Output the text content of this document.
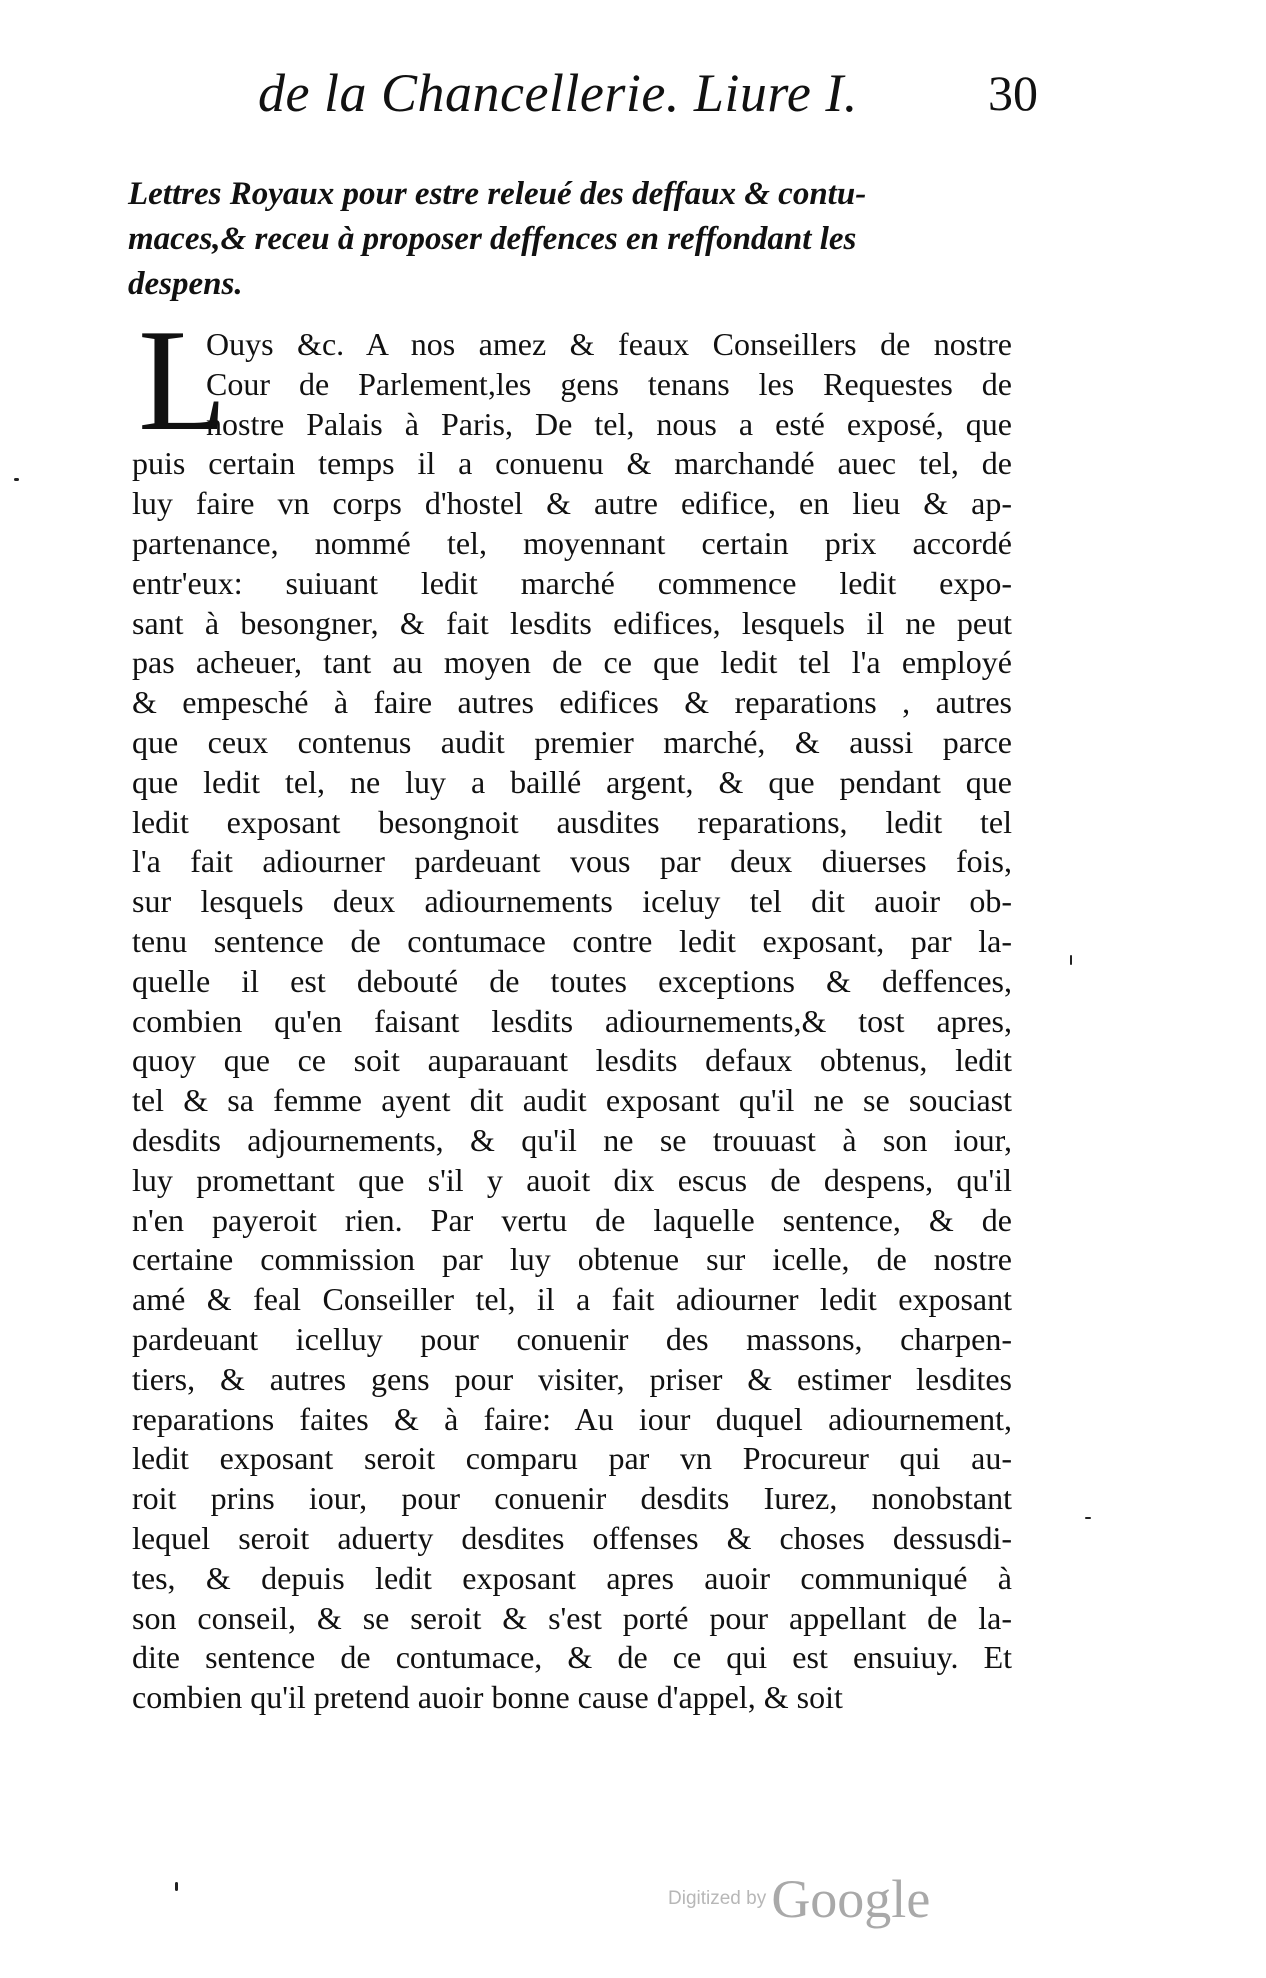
de la Chancellerie. Liure I.	30
Lettres Royaux pour estre releué des deffaux & contu-
maces,& receu à proposer deffences en reffondant les
despens.
L
Ouys &c. A nos amez & feaux Conseillers de nostre
Cour de Parlement,les gens tenans les Requestes de
nostre Palais à Paris, De tel, nous a esté exposé, que
puis certain temps il a conuenu & marchandé auec tel, de
luy faire vn corps d'hostel & autre edifice, en lieu & ap-
partenance, nommé tel, moyennant certain prix accordé
entr'eux: suiuant ledit marché commence ledit expo-
sant à besongner, & fait lesdits edifices, lesquels il ne peut
pas acheuer, tant au moyen de ce que ledit tel l'a employé
& empesché à faire autres edifices & reparations , autres
que ceux contenus audit premier marché, & aussi parce
que ledit tel, ne luy a baillé argent, & que pendant que
ledit exposant besongnoit ausdites reparations, ledit tel
l'a fait adiourner pardeuant vous par deux diuerses fois,
sur lesquels deux adiournements iceluy tel dit auoir ob-
tenu sentence de contumace contre ledit exposant, par la-
quelle il est debouté de toutes exceptions & deffences,
combien qu'en faisant lesdits adiournements,& tost apres,
quoy que ce soit auparauant lesdits defaux obtenus, ledit
tel & sa femme ayent dit audit exposant qu'il ne se souciast
desdits adjournements, & qu'il ne se trouuast à son iour,
luy promettant que s'il y auoit dix escus de despens, qu'il
n'en payeroit rien. Par vertu de laquelle sentence, & de
certaine commission par luy obtenue sur icelle, de nostre
amé & feal Conseiller tel, il a fait adiourner ledit exposant
pardeuant icelluy pour conuenir des massons, charpen-
tiers, & autres gens pour visiter, priser & estimer lesdites
reparations faites & à faire: Au iour duquel adiournement,
ledit exposant seroit comparu par vn Procureur qui au-
roit prins iour, pour conuenir desdits Iurez, nonobstant
lequel seroit aduerty desdites offenses & choses dessusdi-
tes, & depuis ledit exposant apres auoir communiqué à
son conseil, & se seroit & s'est porté pour appellant de la-
dite sentence de contumace, & de ce qui est ensuiuy. Et
combien qu'il pretend auoir bonne cause d'appel, & soit
Digitized by Google
